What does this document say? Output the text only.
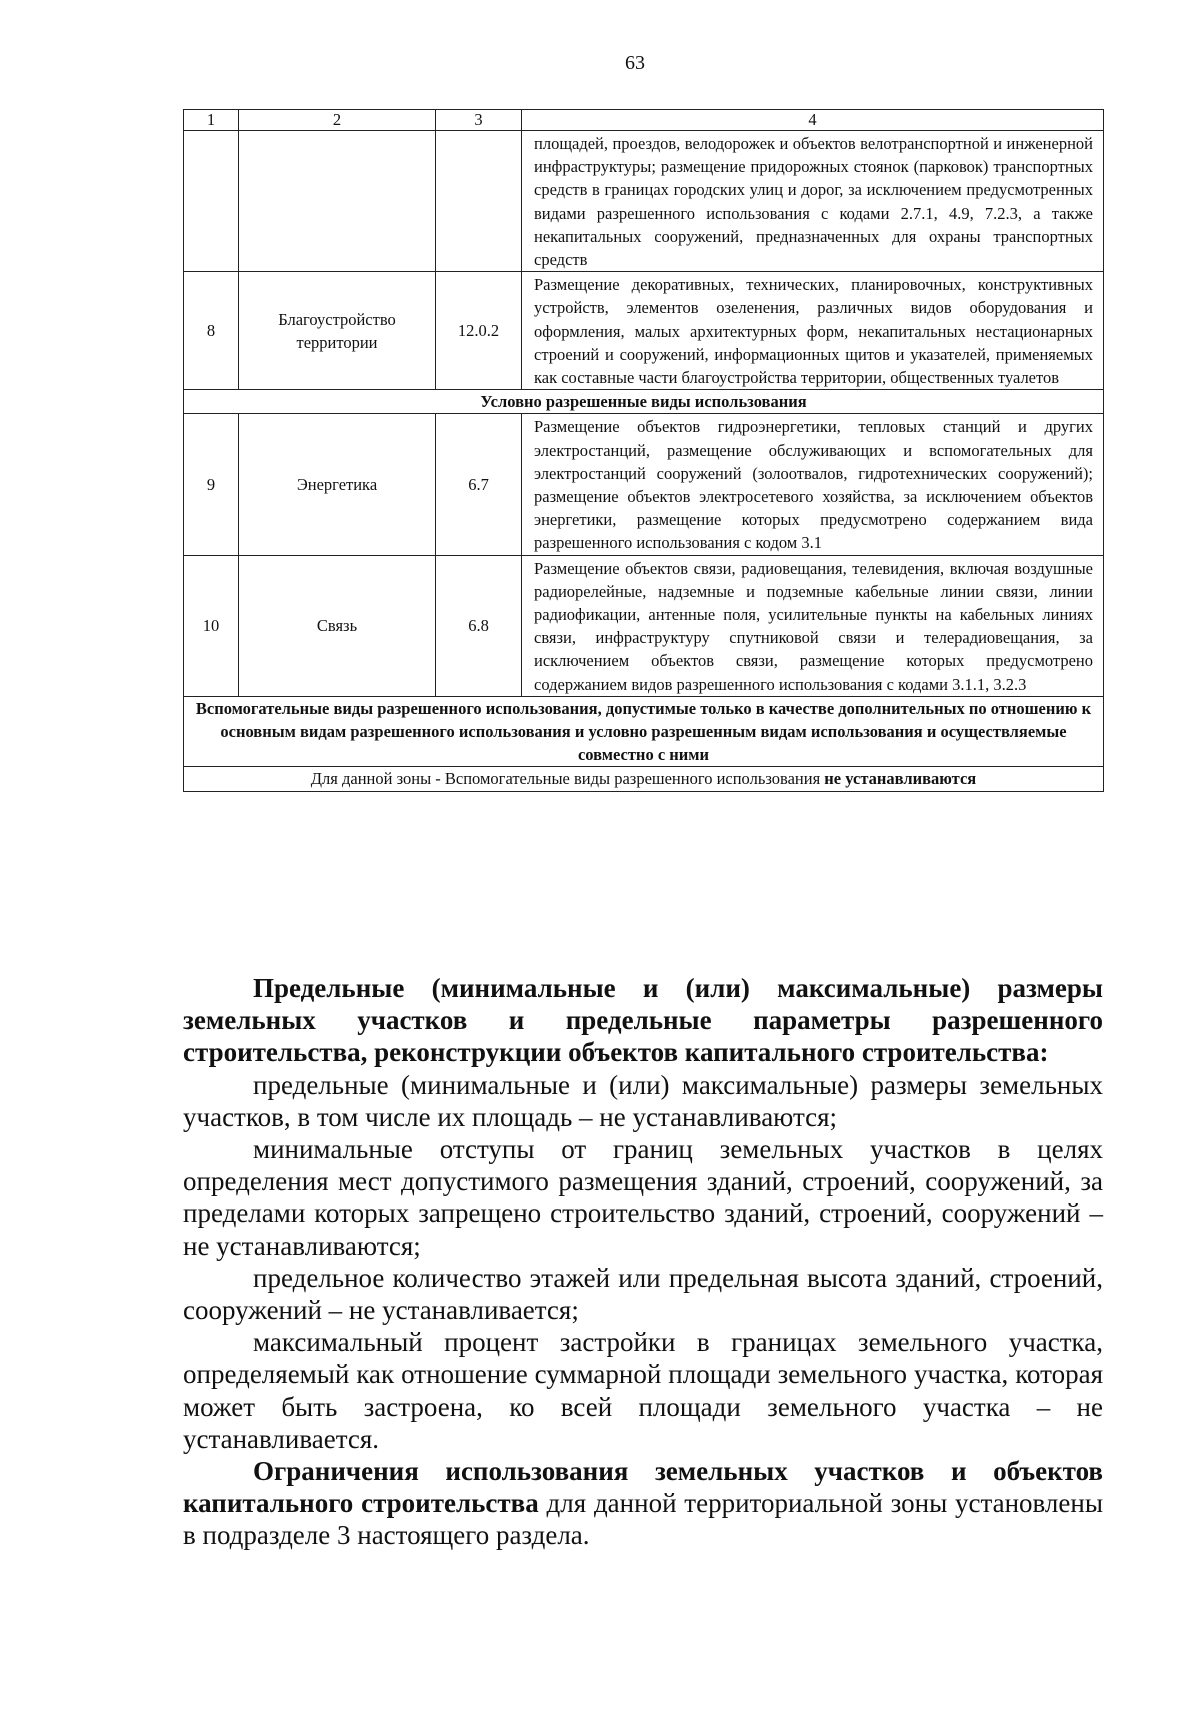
63
1	2	3	4
			площадей, проездов, велодорожек и объектов велотранспортной и инженерной инфраструктуры; размещение придорожных стоянок (парковок) транспортных средств в границах городских улиц и дорог, за исключением предусмотренных видами разрешенного использования с кодами 2.7.1, 4.9, 7.2.3, а также некапитальных сооружений, предназначенных для охраны транспортных средств
8	Благоустройство территории	12.0.2	Размещение декоративных, технических, планировочных, конструктивных устройств, элементов озеленения, различных видов оборудования и оформления, малых архитектурных форм, некапитальных нестационарных строений и сооружений, информационных щитов и указателей, применяемых как составные части благоустройства территории, общественных туалетов
Условно разрешенные виды использования			
9	Энергетика	6.7	Размещение объектов гидроэнергетики, тепловых станций и других электростанций, размещение обслуживающих и вспомогательных для электростанций сооружений (золоотвалов, гидротехнических сооружений); размещение объектов электросетевого хозяйства, за исключением объектов энергетики, размещение которых предусмотрено содержанием вида разрешенного использования с кодом 3.1
10	Связь	6.8	Размещение объектов связи, радиовещания, телевидения, включая воздушные радиорелейные, надземные и подземные кабельные линии связи, линии радиофикации, антенные поля, усилительные пункты на кабельных линиях связи, инфраструктуру спутниковой связи и телерадиовещания, за исключением объектов связи, размещение которых предусмотрено содержанием видов разрешенного использования с кодами 3.1.1, 3.2.3
Вспомогательные виды разрешенного использования, допустимые только в качестве дополнительных по отношению к основным видам разрешенного использования и условно разрешенным видам использования и осуществляемые совместно с ними			
Для данной зоны - Вспомогательные виды разрешенного использования не устанавливаются			

Предельные (минимальные и (или) максимальные) размеры земельных участков и предельные параметры разрешенного строительства, реконструкции объектов капитального строительства:

предельные (минимальные и (или) максимальные) размеры земельных участков, в том числе их площадь – не устанавливаются;

минимальные отступы от границ земельных участков в целях определения мест допустимого размещения зданий, строений, сооружений, за пределами которых запрещено строительство зданий, строений, сооружений – не устанавливаются;

предельное количество этажей или предельная высота зданий, строений, сооружений – не устанавливается;

максимальный процент застройки в границах земельного участка, определяемый как отношение суммарной площади земельного участка, которая может быть застроена, ко всей площади земельного участка – не устанавливается.

Ограничения использования земельных участков и объектов капитального строительства для данной территориальной зоны установлены в подразделе 3 настоящего раздела.
